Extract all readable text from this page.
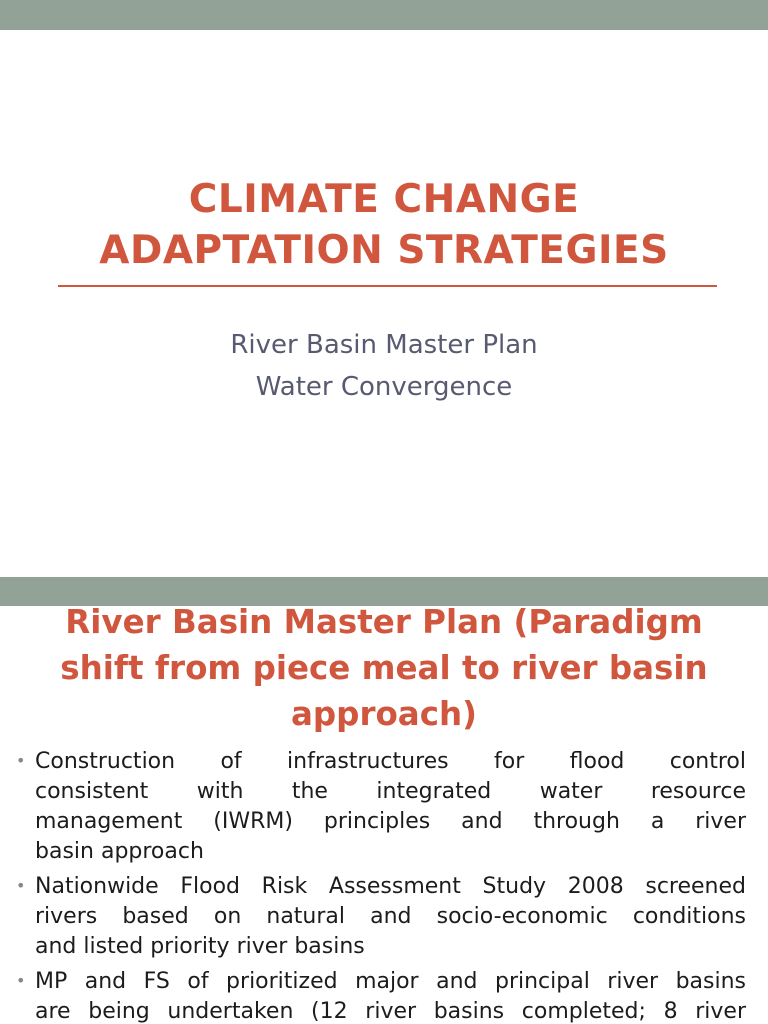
CLIMATE CHANGE
ADAPTATION STRATEGIES
River Basin Master Plan
Water Convergence
River Basin Master Plan (Paradigm
shift from piece meal to river basin
approach)
• Construction of infrastructures for flood control
consistent with the integrated water resource
management (IWRM) principles and through a river
basin approach
• Nationwide Flood Risk Assessment Study 2008 screened
rivers based on natural and socio-economic conditions
and listed priority river basins
• MP and FS of prioritized major and principal river basins
are being undertaken (12 river basins completed; 8 river
